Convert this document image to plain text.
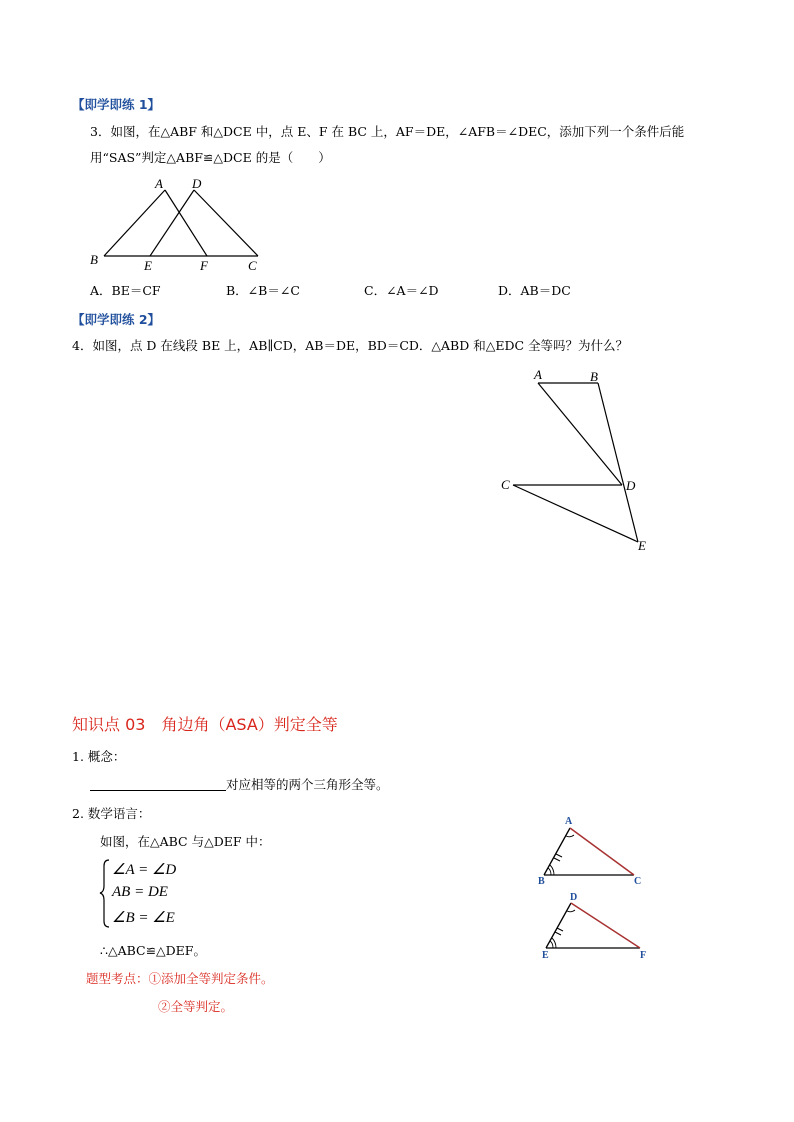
【即学即练 1】
3．如图，在△ABF 和△DCE 中，点 E、F 在 BC 上，AF＝DE，∠AFB＝∠DEC，添加下列一个条件后能
用“SAS”判定△ABF≌△DCE 的是（　　）
A D
B	E	F	C
A．BE＝CF	B．∠B＝∠C	C．∠A＝∠D	D．AB＝DC
【即学即练 2】
4．如图，点 D 在线段 BE 上，AB∥CD，AB＝DE，BD＝CD．△ABD 和△EDC 全等吗？为什么？
A	B
C	D
E
知识点 03　角边角（ASA）判定全等
1. 概念：
对应相等的两个三角形全等。
2. 数学语言：
如图，在△ABC 与△DEF 中：
∠A = ∠D
AB = DE
∠B = ∠E
∴△ABC≌△DEF。
题型考点：①添加全等判定条件。
②全等判定。
A
B	C
D
E	F
